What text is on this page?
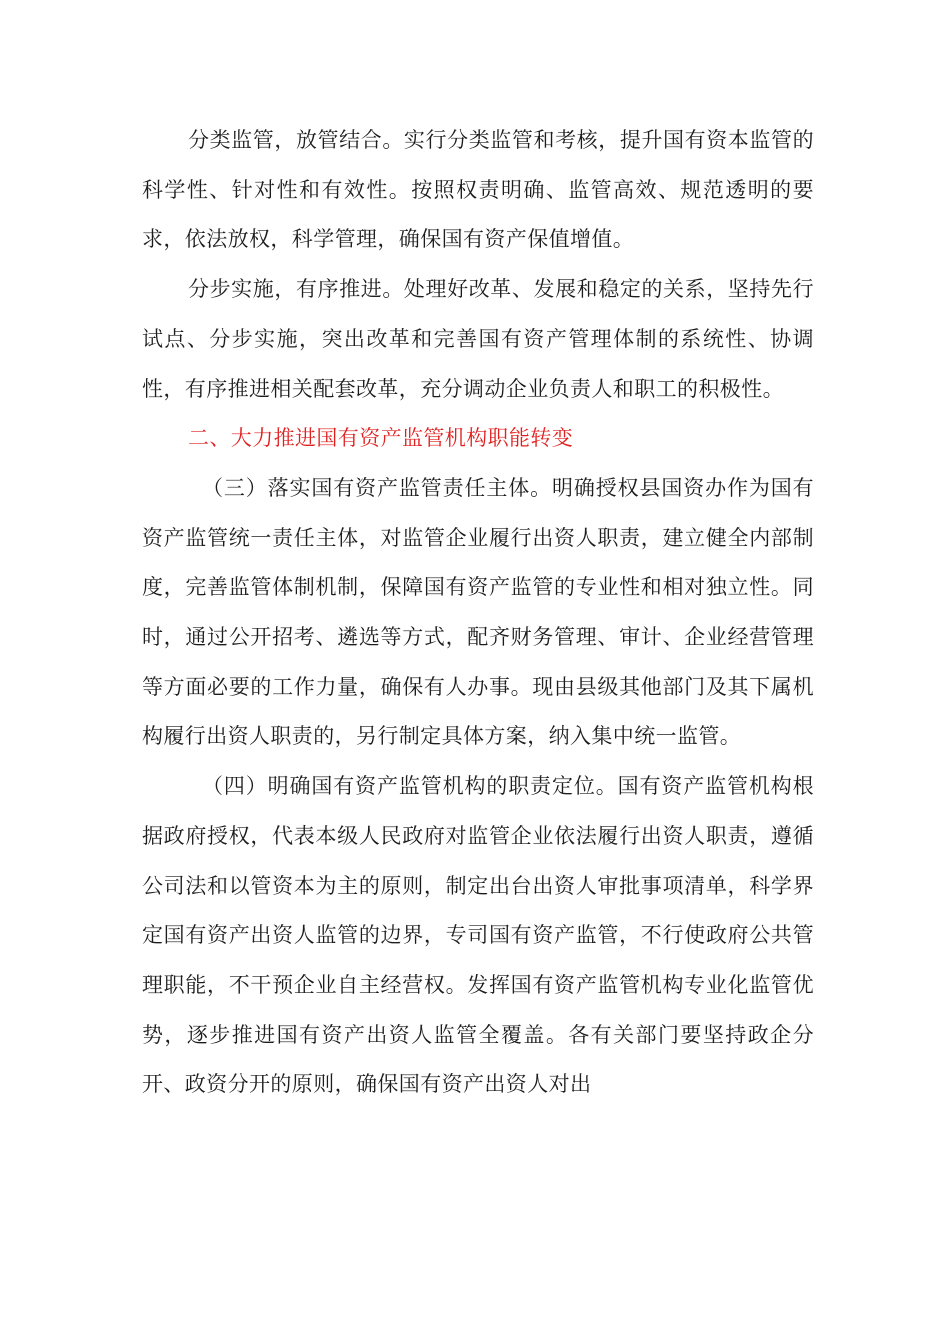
分类监管，放管结合。实行分类监管和考核，提升国有资本监管的科学性、针对性和有效性。按照权责明确、监管高效、规范透明的要求，依法放权，科学管理，确保国有资产保值增值。

分步实施，有序推进。处理好改革、发展和稳定的关系，坚持先行试点、分步实施，突出改革和完善国有资产管理体制的系统性、协调性，有序推进相关配套改革，充分调动企业负责人和职工的积极性。

二、大力推进国有资产监管机构职能转变

（三）落实国有资产监管责任主体。明确授权县国资办作为国有资产监管统一责任主体，对监管企业履行出资人职责，建立健全内部制度，完善监管体制机制，保障国有资产监管的专业性和相对独立性。同时，通过公开招考、遴选等方式，配齐财务管理、审计、企业经营管理等方面必要的工作力量，确保有人办事。现由县级其他部门及其下属机构履行出资人职责的，另行制定具体方案，纳入集中统一监管。

（四）明确国有资产监管机构的职责定位。国有资产监管机构根据政府授权，代表本级人民政府对监管企业依法履行出资人职责，遵循公司法和以管资本为主的原则，制定出台出资人审批事项清单，科学界定国有资产出资人监管的边界，专司国有资产监管，不行使政府公共管理职能，不干预企业自主经营权。发挥国有资产监管机构专业化监管优势，逐步推进国有资产出资人监管全覆盖。各有关部门要坚持政企分开、政资分开的原则，确保国有资产出资人对出
